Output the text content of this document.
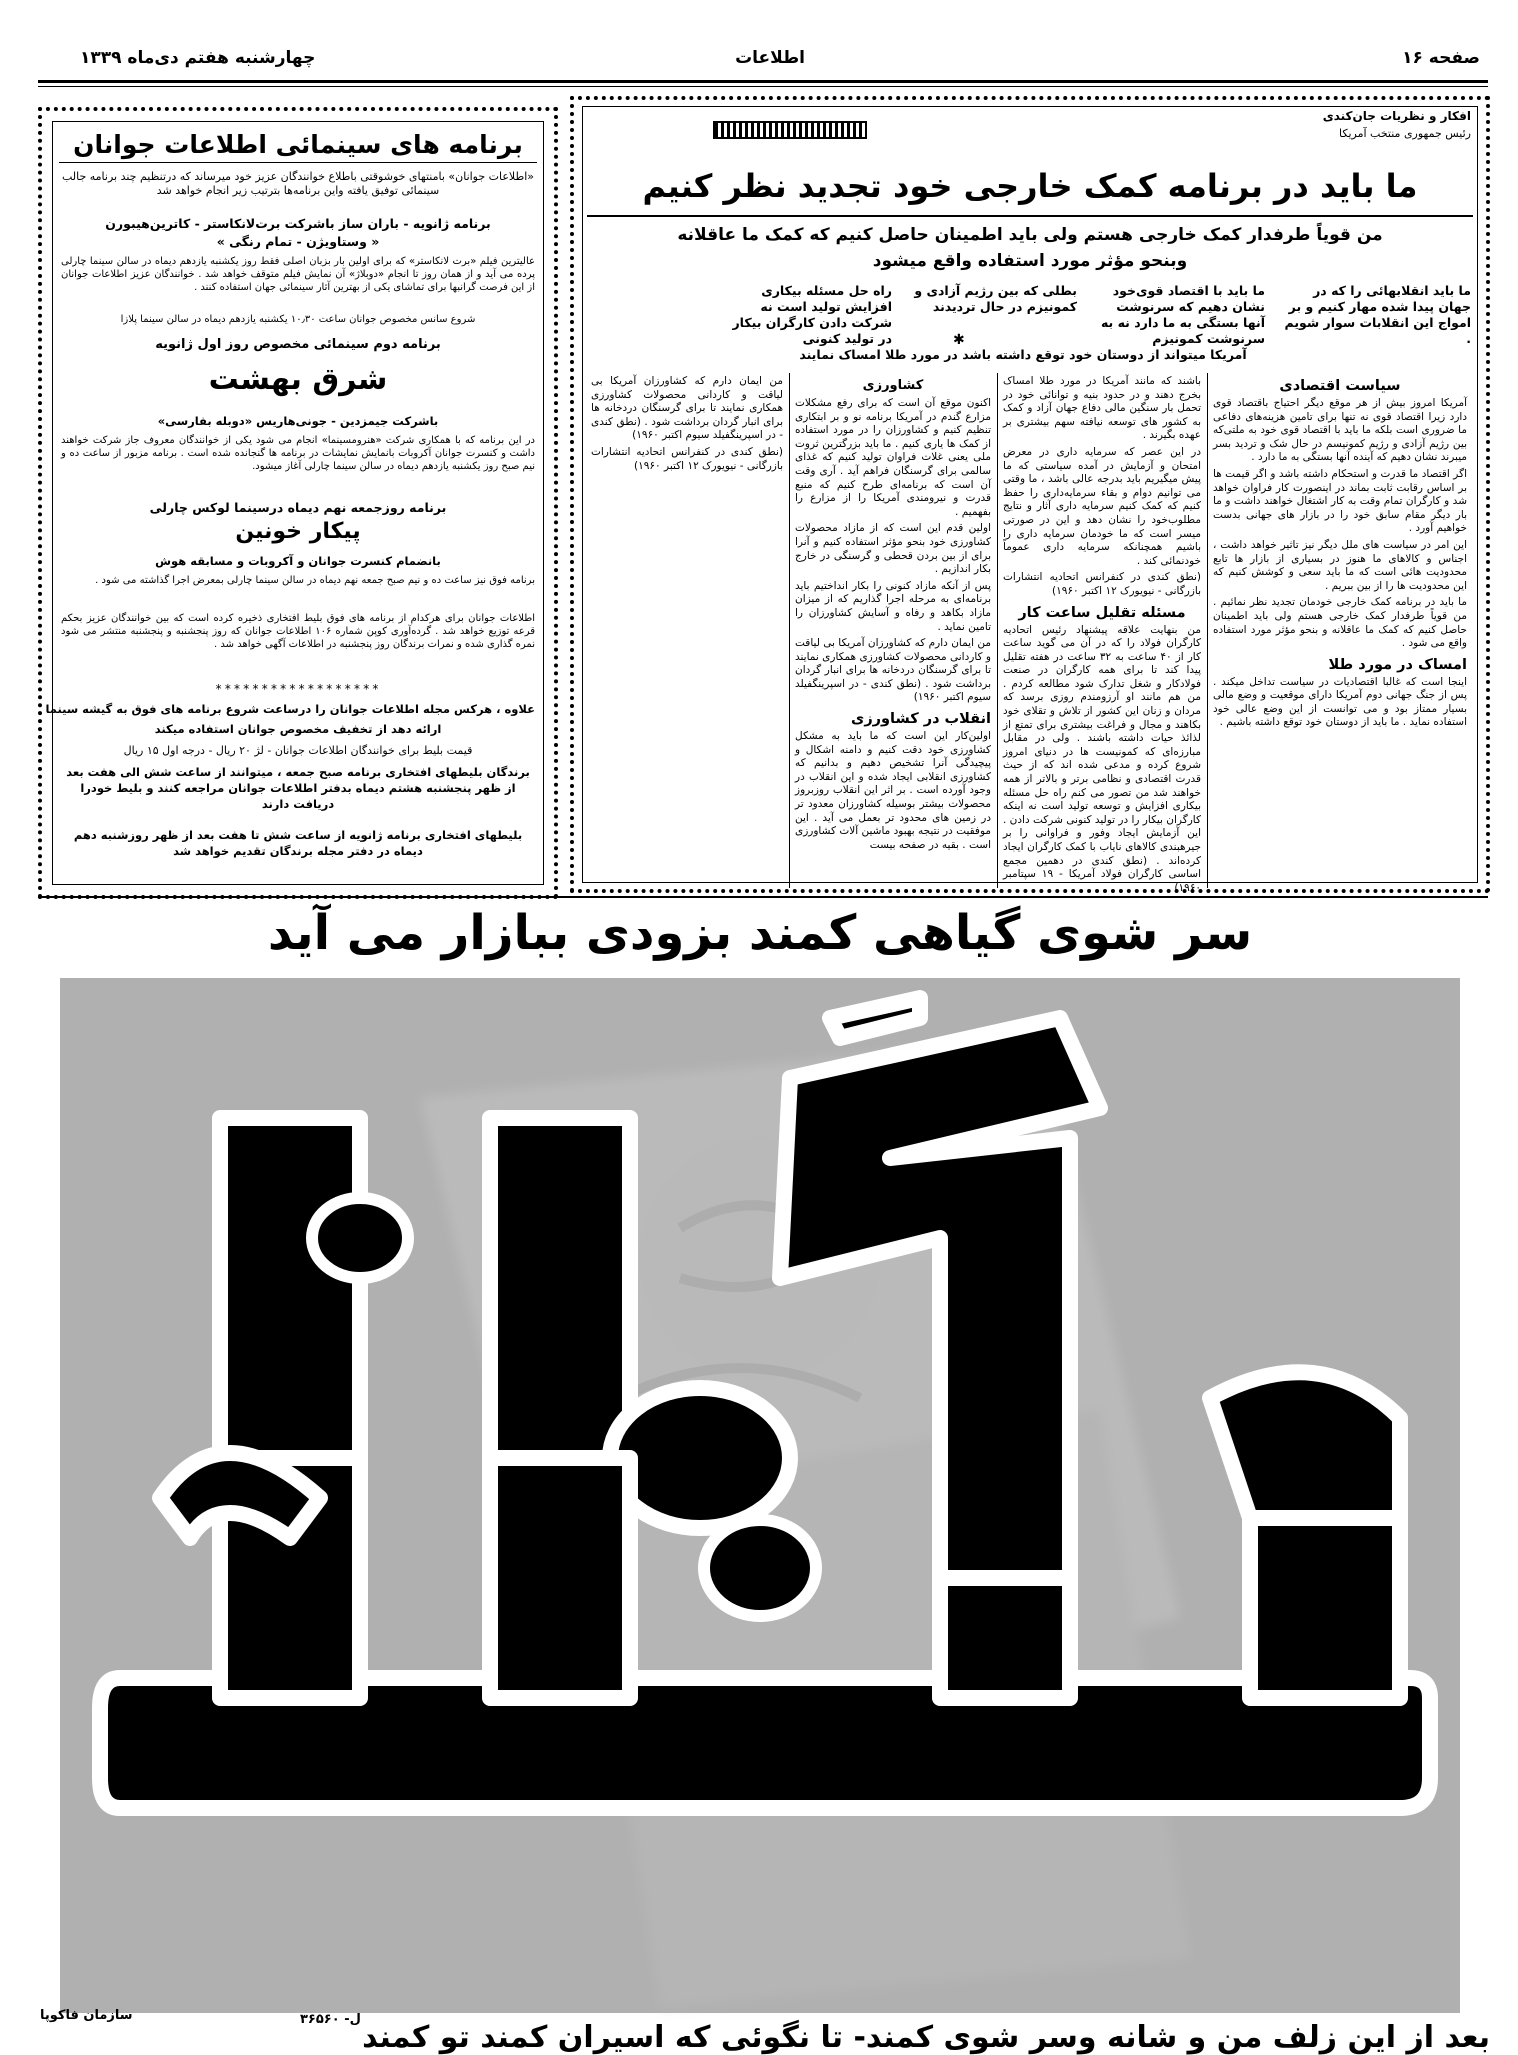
چهارشنبه هفتم دی‌ماه ۱۳۳۹	اطلاعات	صفحه ۱۶
برنامه های سینمائی اطلاعات جوانان
«اطلاعات جوانان» بامنتهای خوشوقتی باطلاع خوانندگان عزیز خود میرساند که درتنظیم چند برنامه جالب سینمائی توفیق یافته واین برنامه‌ها بترتیب زیر انجام خواهد شد
برنامه ژانویه - باران ساز باشرکت برت‌لانکاستر - کاترین‌هیبورن
« وستاویژن - تمام رنگی »
عالیترین فیلم «برت لانکاستر» که برای اولین بار بزبان اصلی فقط روز یکشنبه یازدهم دیماه در سالن سینما چارلی پرده می آید و از همان روز تا انجام «دوبلاژ» آن نمایش فیلم متوقف خواهد شد . خوانندگان عزیز اطلاعات جوانان از این فرصت گرانبها برای تماشای یکی از بهترین آثار سینمائی جهان استفاده کنند .
شروع سانس مخصوص جوانان ساعت ۱۰٫۳۰ یکشنبه یازدهم دیماه در سالن سینما پلازا
برنامه دوم سینمائی مخصوص روز اول ژانویه
شرق بهشت
باشرکت جیمزدین - جونی‌هاریس «دوبله بفارسی»
در این برنامه که با همکاری شرکت «هنرومسینما» انجام می شود یکی از خوانندگان معروف جاز شرکت خواهند داشت و کنسرت جوانان آکروبات بانمایش نمایشات در برنامه ها گنجانده شده است . برنامه مزبور از ساعت ده و نیم صبح روز یکشنبه یازدهم دیماه در سالن سینما چارلی آغاز میشود.
برنامه روزجمعه نهم دیماه درسینما لوکس چارلی
پیکار خونین
بانضمام کنسرت جوانان و آکروبات و مسابقه هوش
برنامه فوق نیز ساعت ده و نیم صبح جمعه نهم دیماه در سالن سینما چارلی بمعرض اجرا گذاشته می شود .
اطلاعات جوانان برای هرکدام از برنامه های فوق بلیط افتخاری ذخیره کرده است که بین خوانندگان عزیز بحکم قرعه توزیع خواهد شد . گرده‌آوری کوپن شماره ۱۰۶ اطلاعات جوانان که روز پنجشنبه و پنجشنبه منتشر می شود نمره گذاری شده و نمرات برندگان روز پنجشنبه در اطلاعات آگهی خواهد شد .
******************
علاوه ، هرکس مجله اطلاعات جوانان را درساعت شروع برنامه های فوق به گیشه سینما
ارائه دهد از تخفیف مخصوص جوانان استفاده میکند
قیمت بلیط برای خوانندگان اطلاعات جوانان - لژ ۲۰ ریال - درجه اول ۱۵ ریال
برندگان بلیطهای افتخاری برنامه صبح جمعه ، میتوانند از ساعت شش الی هفت بعد از ظهر پنجشنبه هشتم دیماه بدفتر اطلاعات جوانان مراجعه کنند و بلیط خودرا دریافت دارند
بلیطهای افتخاری برنامه ژانویه از ساعت شش تا هفت بعد از ظهر روزشنبه دهم دیماه در دفتر مجله برندگان تقدیم خواهد شد
افکار و نظریات جان‌کندی
رئیس جمهوری منتخب آمریکا
ما باید در برنامه کمک خارجی خود تجدید نظر کنیم
من قویاً طرفدار کمک خارجی هستم ولی باید اطمینان حاصل کنیم که کمک ما عاقلانه
وبنحو مؤثر مورد استفاده واقع میشود
ما باید انقلابهائی را که در جهان پیدا شده مهار کنیم و بر امواج این انقلابات سوار شویم .
ما باید با اقتصاد قوی‌خود نشان دهیم که سرنوشت آنها بستگی به ما دارد نه به سرنوشت کمونیزم
بطلی که بین رژیم آزادی و کمونیزم در حال تردیدند
راه حل مسئله بیکاری افزایش تولید است نه شرکت دادن کارگران بیکار در تولید کنونی	✱
آمریکا میتواند از دوستان خود توقع داشته باشد در مورد طلا امساک نمایند
سیاست اقتصادی

آمریکا امروز بیش از هر موقع دیگر احتیاج باقتصاد قوی دارد زیرا اقتصاد قوی نه تنها برای تامین هزینه‌های دفاعی ما ضروری است بلکه ما باید با اقتصاد قوی خود به ملتی‌که بین رژیم آزادی و رژیم کمونیسم در حال شک و تردید بسر میبرند نشان دهیم که آینده آنها بستگی به ما دارد .

اگر اقتصاد ما قدرت و استحکام داشته باشد و اگر قیمت ها بر اساس رقابت ثابت بماند در اینصورت کار فراوان خواهد شد و کارگران تمام وقت به کار اشتغال خواهند داشت و ما بار دیگر مقام سابق خود را در بازار های جهانی بدست خواهیم آورد .

این امر در سیاست های ملل دیگر نیز تاثیر خواهد داشت ، اجناس و کالاهای ما هنوز در بسیاری از بازار ها تابع محدودیت هائی است که ما باید سعی و کوشش کنیم که این محدودیت ها را از بین ببریم .

ما باید در برنامه کمک خارجی خودمان تجدید نظر نمائیم . من قویاً طرفدار کمک خارجی هستم ولی باید اطمینان حاصل کنیم که کمک ما عاقلانه و بنحو مؤثر مورد استفاده واقع می شود .

امساک در مورد طلا

اینجا است که غالبا اقتصادیات در سیاست تداخل میکند . پس از جنگ جهانی دوم آمریکا دارای موقعیت و وضع مالی بسیار ممتاز بود و می توانست از این وضع عالی خود استفاده نماید . ما باید از دوستان خود توقع داشته باشیم .

باشند که مانند آمریکا در مورد طلا امساک بخرج دهند و در حدود بنیه و توانائی خود در تحمل بار سنگین مالی دفاع جهان آزاد و کمک به کشور های توسعه نیافته سهم بیشتری بر عهده بگیرند .

در این عصر که سرمایه داری در معرض امتحان و آزمایش در آمده سیاستی که ما پیش میگیریم باید بدرجه عالی باشد ، ما وقتی می توانیم دوام و بقاء سرمایه‌داری را حفظ کنیم که کمک کنیم سرمایه داری آثار و نتایج مطلوب‌خود را نشان دهد و این در صورتی میسر است که ما خودمان سرمایه داری را باشیم همچنانکه سرمایه داری عموماً خودنمائی کند .

(نطق کندی در کنفرانس اتحادیه انتشارات بازرگانی - نیویورک ۱۲ اکتبر ۱۹۶۰)

مسئله تقلیل ساعت کار

من بنهایت علاقه پیشنهاد رئیس اتحادیه کارگران فولاد را که در آن می گوید ساعت کار از ۴۰ ساعت به ۳۲ ساعت در هفته تقلیل پیدا کند تا برای همه کارگران در صنعت فولادکار و شغل تدارک شود مطالعه کردم . من هم مانند او آرزومندم روزی برسد که مردان و زنان این کشور از تلاش و تقلای خود بکاهند و مجال و فراغت بیشتری برای تمتع از لذائذ حیات داشته باشند . ولی در مقابل مبارزه‌ای که کمونیست ها در دنیای امروز شروع کرده و مدعی شده اند که از حیث قدرت اقتصادی و نظامی برتر و بالاتر از همه خواهند شد من تصور می کنم راه حل مسئله بیکاری افزایش و توسعه تولید است نه اینکه کارگران بیکار را در تولید کنونی شرکت دادن . این آزمایش ایجاد وفور و فراوانی را بر جیرهبندی کالاهای نایاب با کمک کارگران ایجاد کرده‌اند . (نطق کندی در دهمین مجمع اساسی کارگران فولاد آمریکا - ۱۹ سپتامبر ۱۹۶۰)

کشاورزی

اکنون موقع آن است که برای رفع مشکلات مزارع گندم در آمریکا برنامه نو و بر ابتکاری تنظیم کنیم و کشاورزان را در مورد استفاده از کمک ها یاری کنیم . ما باید بزرگترین ثروت ملی یعنی غلات فراوان تولید کنیم که غذای سالمی برای گرسنگان فراهم آید . آری وقت آن است که برنامه‌ای طرح کنیم که منبع قدرت و نیرومندی آمریکا را از مزارع را بفهمیم .

اولین قدم این است که از مازاد محصولات کشاورزی خود بنحو مؤثر استفاده کنیم و آنرا برای از بین بردن قحطی و گرسنگی در خارج بکار اندازیم .

پس از آنکه مازاد کنونی را بکار انداختیم باید برنامه‌ای به مرحله اجرا گذاریم که از میزان مازاد بکاهد و رفاه و آسایش کشاورزان را تامین نماید .

من ایمان دارم که کشاورزان آمریکا بی لیاقت و کاردانی محصولات کشاورزی همکاری نمایند تا برای گرسنگان دردخانه ها برای انبار گردان برداشت شود . (نطق کندی - در اسپرینگفیلد سیوم اکتبر ۱۹۶۰)

انقلاب در کشاورزی

اولین‌کار این است که ما باید به مشکل کشاورزی خود دقت کنیم و دامنه اشکال و پیچیدگی آنرا تشخیص دهیم و بدانیم که کشاورزی انقلابی ایجاد شده و این انقلاب در وجود آورده است . بر اثر این انقلاب روزبروز محصولات بیشتر بوسیله کشاورزان معدود تر در زمین های محدود تر بعمل می آید . این موفقیت در نتیجه بهبود ماشین آلات کشاورزی است . بقیه در صفحه بیست

من ایمان دارم که کشاورزان آمریکا بی لیاقت و کاردانی محصولات کشاورزی همکاری نمایند تا برای گرسنگان دردخانه ها برای انبار گردان برداشت شود . (نطق کندی - در اسپرینگفیلد سیوم اکتبر ۱۹۶۰)

(نطق کندی در کنفرانس اتحادیه انتشارات بازرگانی - نیویورک ۱۲ اکتبر ۱۹۶۰)

سر شوی گیاهی کمند بزودی ببازار می آید
بعد از این زلف من و شانه وسر شوی کمند- تا نگوئی که اسیران کمند تو کمند
سازمان فاکوپا	ل- ۳۶۵۶۰
